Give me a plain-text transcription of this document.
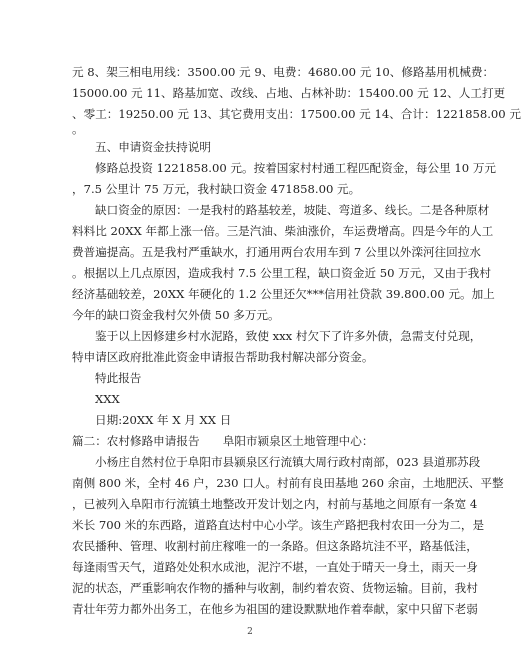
元 8、架三相电用线：3500.00 元 9、电费：4680.00 元 10、修路基用机械费：
15000.00 元 11、路基加宽、改线、占地、占林补助：15400.00 元 12、人工打更
、零工：19250.00 元 13、其它费用支出：17500.00 元 14、合计：1221858.00 元
。
五、申请资金扶持说明
修路总投资 1221858.00 元。按着国家村村通工程匹配资金，每公里 10 万元
，7.5 公里计 75 万元，我村缺口资金 471858.00 元。
缺口资金的原因：一是我村的路基较差，坡陡、弯道多、线长。二是各种原材
料料比 20XX 年都上涨一倍。三是汽油、柴油涨价，车运费增高。四是今年的人工
费普遍提高。五是我村严重缺水，打通用两台农用车到 7 公里以外滦河往回拉水
。根据以上几点原因，造成我村 7.5 公里工程，缺口资金近 50 万元，又由于我村
经济基础较差，20XX 年硬化的 1.2 公里还欠***信用社贷款 39.800.00 元。加上
今年的缺口资金我村欠外债 50 多万元。
鉴于以上因修建乡村水泥路，致使 xxx 村欠下了许多外债，急需支付兑现，
特申请区政府批准此资金申请报告帮助我村解决部分资金。
特此报告
XXX
日期:20XX 年 X 月 XX 日
篇二：农村修路申请报告　　阜阳市颍泉区土地管理中心：
小杨庄自然村位于阜阳市县颍泉区行流镇大周行政村南部，023 县道那苏段
南侧 800 米，全村 46 户，230 口人。村前有良田基地 260 余亩，土地肥沃、平整
，已被列入阜阳市行流镇土地整改开发计划之内，村前与基地之间原有一条宽 4
米长 700 米的东西路，道路直达村中心小学。该生产路把我村农田一分为二，是
农民播种、管理、收割村前庄稼唯一的一条路。但这条路坑洼不平，路基低洼，
每逢雨雪天气，道路处处积水成池，泥泞不堪，一直处于晴天一身土，雨天一身
泥的状态，严重影响农作物的播种与收割，制约着农资、货物运输。目前，我村
青壮年劳力都外出务工，在他乡为祖国的建设默默地作着奉献，家中只留下老弱
2
